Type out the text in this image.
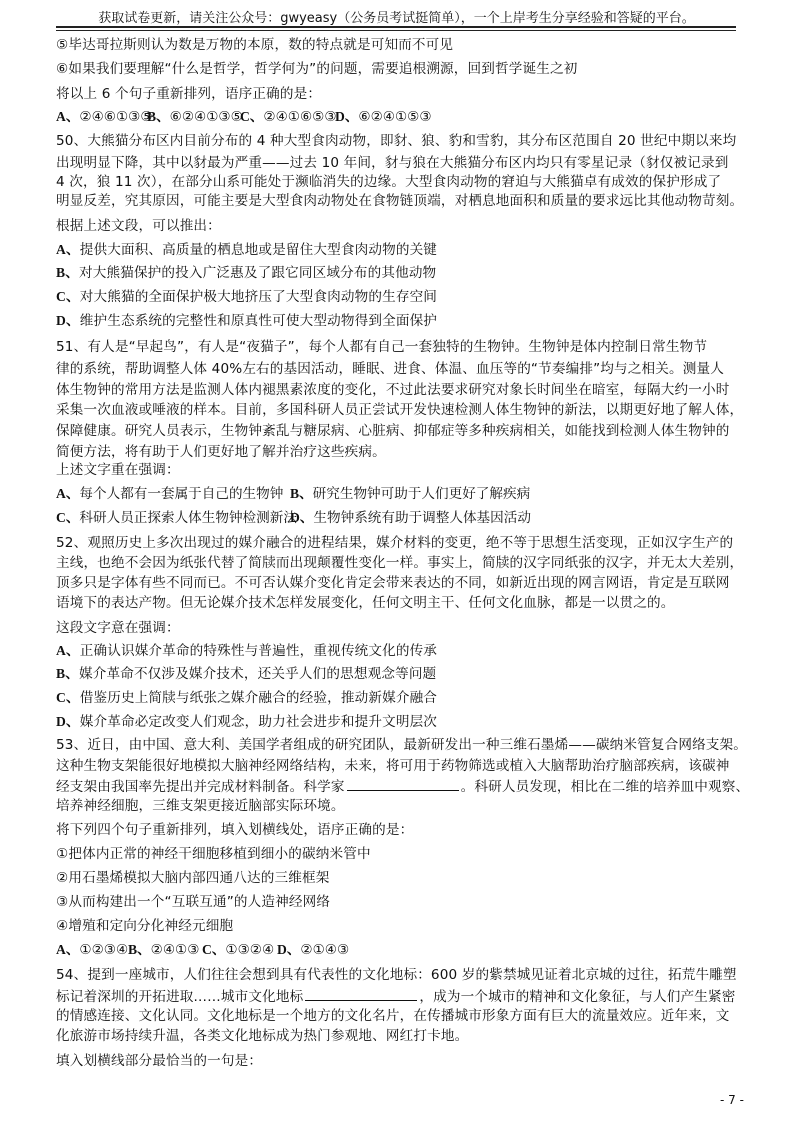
获取试卷更新，请关注公众号：gwyeasy（公务员考试挺简单），一个上岸考生分享经验和答疑的平台。
⑤毕达哥拉斯则认为数是万物的本原，数的特点就是可知而不可见
⑥如果我们要理解“什么是哲学，哲学何为”的问题，需要追根溯源，回到哲学诞生之初
将以上 6 个句子重新排列，语序正确的是：
A、②④⑥①③⑤
B、⑥②④①③⑤
C、②④①⑥⑤③
D、⑥②④①⑤③
50、大熊猫分布区内目前分布的 4 种大型食肉动物，即豺、狼、豹和雪豹，其分布区范围自 20 世纪中期以来均
出现明显下降，其中以豺最为严重——过去 10 年间，豺与狼在大熊猫分布区内均只有零星记录（豺仅被记录到
4 次，狼 11 次），在部分山系可能处于濒临消失的边缘。大型食肉动物的窘迫与大熊猫卓有成效的保护形成了
明显反差，究其原因，可能主要是大型食肉动物处在食物链顶端，对栖息地面积和质量的要求远比其他动物苛刻。
根据上述文段，可以推出：
A、提供大面积、高质量的栖息地或是留住大型食肉动物的关键
B、对大熊猫保护的投入广泛惠及了跟它同区域分布的其他动物
C、对大熊猫的全面保护极大地挤压了大型食肉动物的生存空间
D、维护生态系统的完整性和原真性可使大型动物得到全面保护
51、有人是“早起鸟”，有人是“夜猫子”，每个人都有自己一套独特的生物钟。生物钟是体内控制日常生物节
律的系统，帮助调整人体 40%左右的基因活动，睡眠、进食、体温、血压等的“节奏编排”均与之相关。测量人
体生物钟的常用方法是监测人体内褪黑素浓度的变化，不过此法要求研究对象长时间坐在暗室，每隔大约一小时
采集一次血液或唾液的样本。目前，多国科研人员正尝试开发快速检测人体生物钟的新法，以期更好地了解人体，
保障健康。研究人员表示，生物钟紊乱与糖尿病、心脏病、抑郁症等多种疾病相关，如能找到检测人体生物钟的
简便方法，将有助于人们更好地了解并治疗这些疾病。
上述文字重在强调：
A、每个人都有一套属于自己的生物钟 B、研究生物钟可助于人们更好了解疾病
C、科研人员正探索人体生物钟检测新法
D、生物钟系统有助于调整人体基因活动
52、观照历史上多次出现过的媒介融合的进程结果，媒介材料的变更，绝不等于思想生活变现，正如汉字生产的
主线，也绝不会因为纸张代替了简牍而出现颠覆性变化一样。事实上，简牍的汉字同纸张的汉字，并无太大差别，
顶多只是字体有些不同而已。不可否认媒介变化肯定会带来表达的不同，如新近出现的网言网语，肯定是互联网
语境下的表达产物。但无论媒介技术怎样发展变化，任何文明主干、任何文化血脉，都是一以贯之的。
这段文字意在强调：
A、正确认识媒介革命的特殊性与普遍性，重视传统文化的传承
B、媒介革命不仅涉及媒介技术，还关乎人们的思想观念等问题
C、借鉴历史上简牍与纸张之媒介融合的经验，推动新媒介融合
D、媒介革命必定改变人们观念，助力社会进步和提升文明层次
53、近日，由中国、意大利、美国学者组成的研究团队，最新研发出一种三维石墨烯——碳纳米管复合网络支架。
这种生物支架能很好地模拟大脑神经网络结构，未来，将可用于药物筛选或植入大脑帮助治疗脑部疾病，该碳神
经支架由我国率先提出并完成材料制备。科学家	。科研人员发现，相比在二维的培养皿中观察、
培养神经细胞，三维支架更接近脑部实际环境。
将下列四个句子重新排列，填入划横线处，语序正确的是：
①把体内正常的神经干细胞移植到细小的碳纳米管中
②用石墨烯模拟大脑内部四通八达的三维框架
③从而构建出一个“互联互通”的人造神经网络
④增殖和定向分化神经元细胞
A、①②③④ B、②④①③ C、①③②④ D、②①④③
54、提到一座城市，人们往往会想到具有代表性的文化地标：600 岁的紫禁城见证着北京城的过往，拓荒牛雕塑
标记着深圳的开拓进取……城市文化地标	，成为一个城市的精神和文化象征，与人们产生紧密
的情感连接、文化认同。文化地标是一个地方的文化名片，在传播城市形象方面有巨大的流量效应。近年来，文
化旅游市场持续升温，各类文化地标成为热门参观地、网红打卡地。
填入划横线部分最恰当的一句是：
- 7 -
